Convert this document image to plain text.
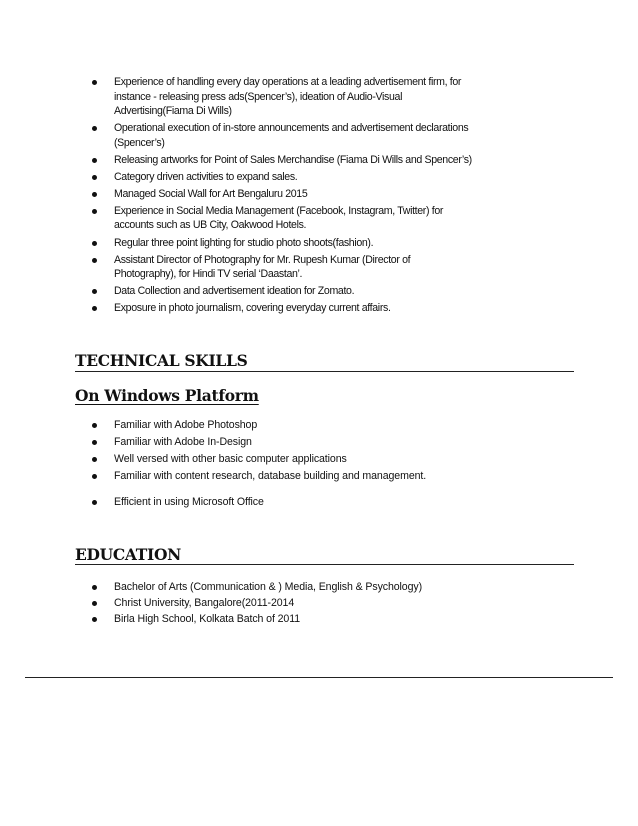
Experience of handling every day operations at a leading advertisement firm, for instance - releasing press ads(Spencer’s), ideation of Audio-Visual Advertising(Fiama Di Wills)
Operational execution of in-store announcements and advertisement declarations (Spencer’s)
Releasing artworks for Point of Sales Merchandise (Fiama Di Wills and Spencer’s)
Category driven activities to expand sales.
Managed Social Wall for Art Bengaluru 2015
Experience in Social Media Management (Facebook, Instagram, Twitter) for accounts such as UB City, Oakwood Hotels.
Regular three point lighting for studio photo shoots(fashion).
Assistant Director of Photography for Mr. Rupesh Kumar (Director of Photography), for Hindi TV serial ‘Daastan’.
Data Collection and advertisement ideation for Zomato.
Exposure in photo journalism, covering everyday current affairs.
TECHNICAL SKILLS
On Windows Platform
Familiar with Adobe Photoshop
Familiar with Adobe In-Design
Well versed with other basic computer applications
Familiar with content research, database building and management.
Efficient in using Microsoft Office
EDUCATION
Bachelor of Arts (Communication & ) Media, English & Psychology)
Christ University, Bangalore(2011-2014
Birla High School, Kolkata Batch of 2011
